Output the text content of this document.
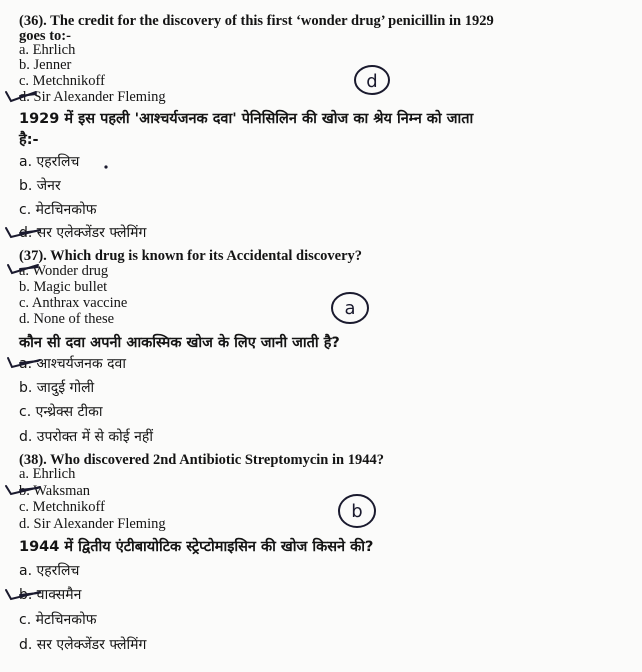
(36). The credit for the discovery of this first ‘wonder drug’ penicillin in 1929

goes to:-

a. Ehrlich

b. Jenner

c. Metchnikoff

d. Sir Alexander Fleming

1929 में इस पहली 'आश्चर्यजनक दवा' पेनिसिलिन की खोज का श्रेय निम्न को जाता

है:-

a. एहरलिच

b. जेनर

c. मेटचिनकोफ

d. सर एलेक्जेंडर फ्लेमिंग

(37). Which drug is known for its Accidental discovery?

a. Wonder drug

b. Magic bullet

c. Anthrax vaccine

d. None of these

कौन सी दवा अपनी आकस्मिक खोज के लिए जानी जाती है?

a. आश्चर्यजनक दवा

b. जादुई गोली

c. एन्थ्रेक्स टीका

d. उपरोक्त में से कोई नहीं

(38). Who discovered 2nd Antibiotic Streptomycin in 1944?

a. Ehrlich

b. Waksman

c. Metchnikoff

d. Sir Alexander Fleming

1944 में द्वितीय एंटीबायोटिक स्ट्रेप्टोमाइसिन की खोज किसने की?

a. एहरलिच

b. वाक्समैन

c. मेटचिनकोफ

d. सर एलेक्जेंडर फ्लेमिंग

d
a
b
